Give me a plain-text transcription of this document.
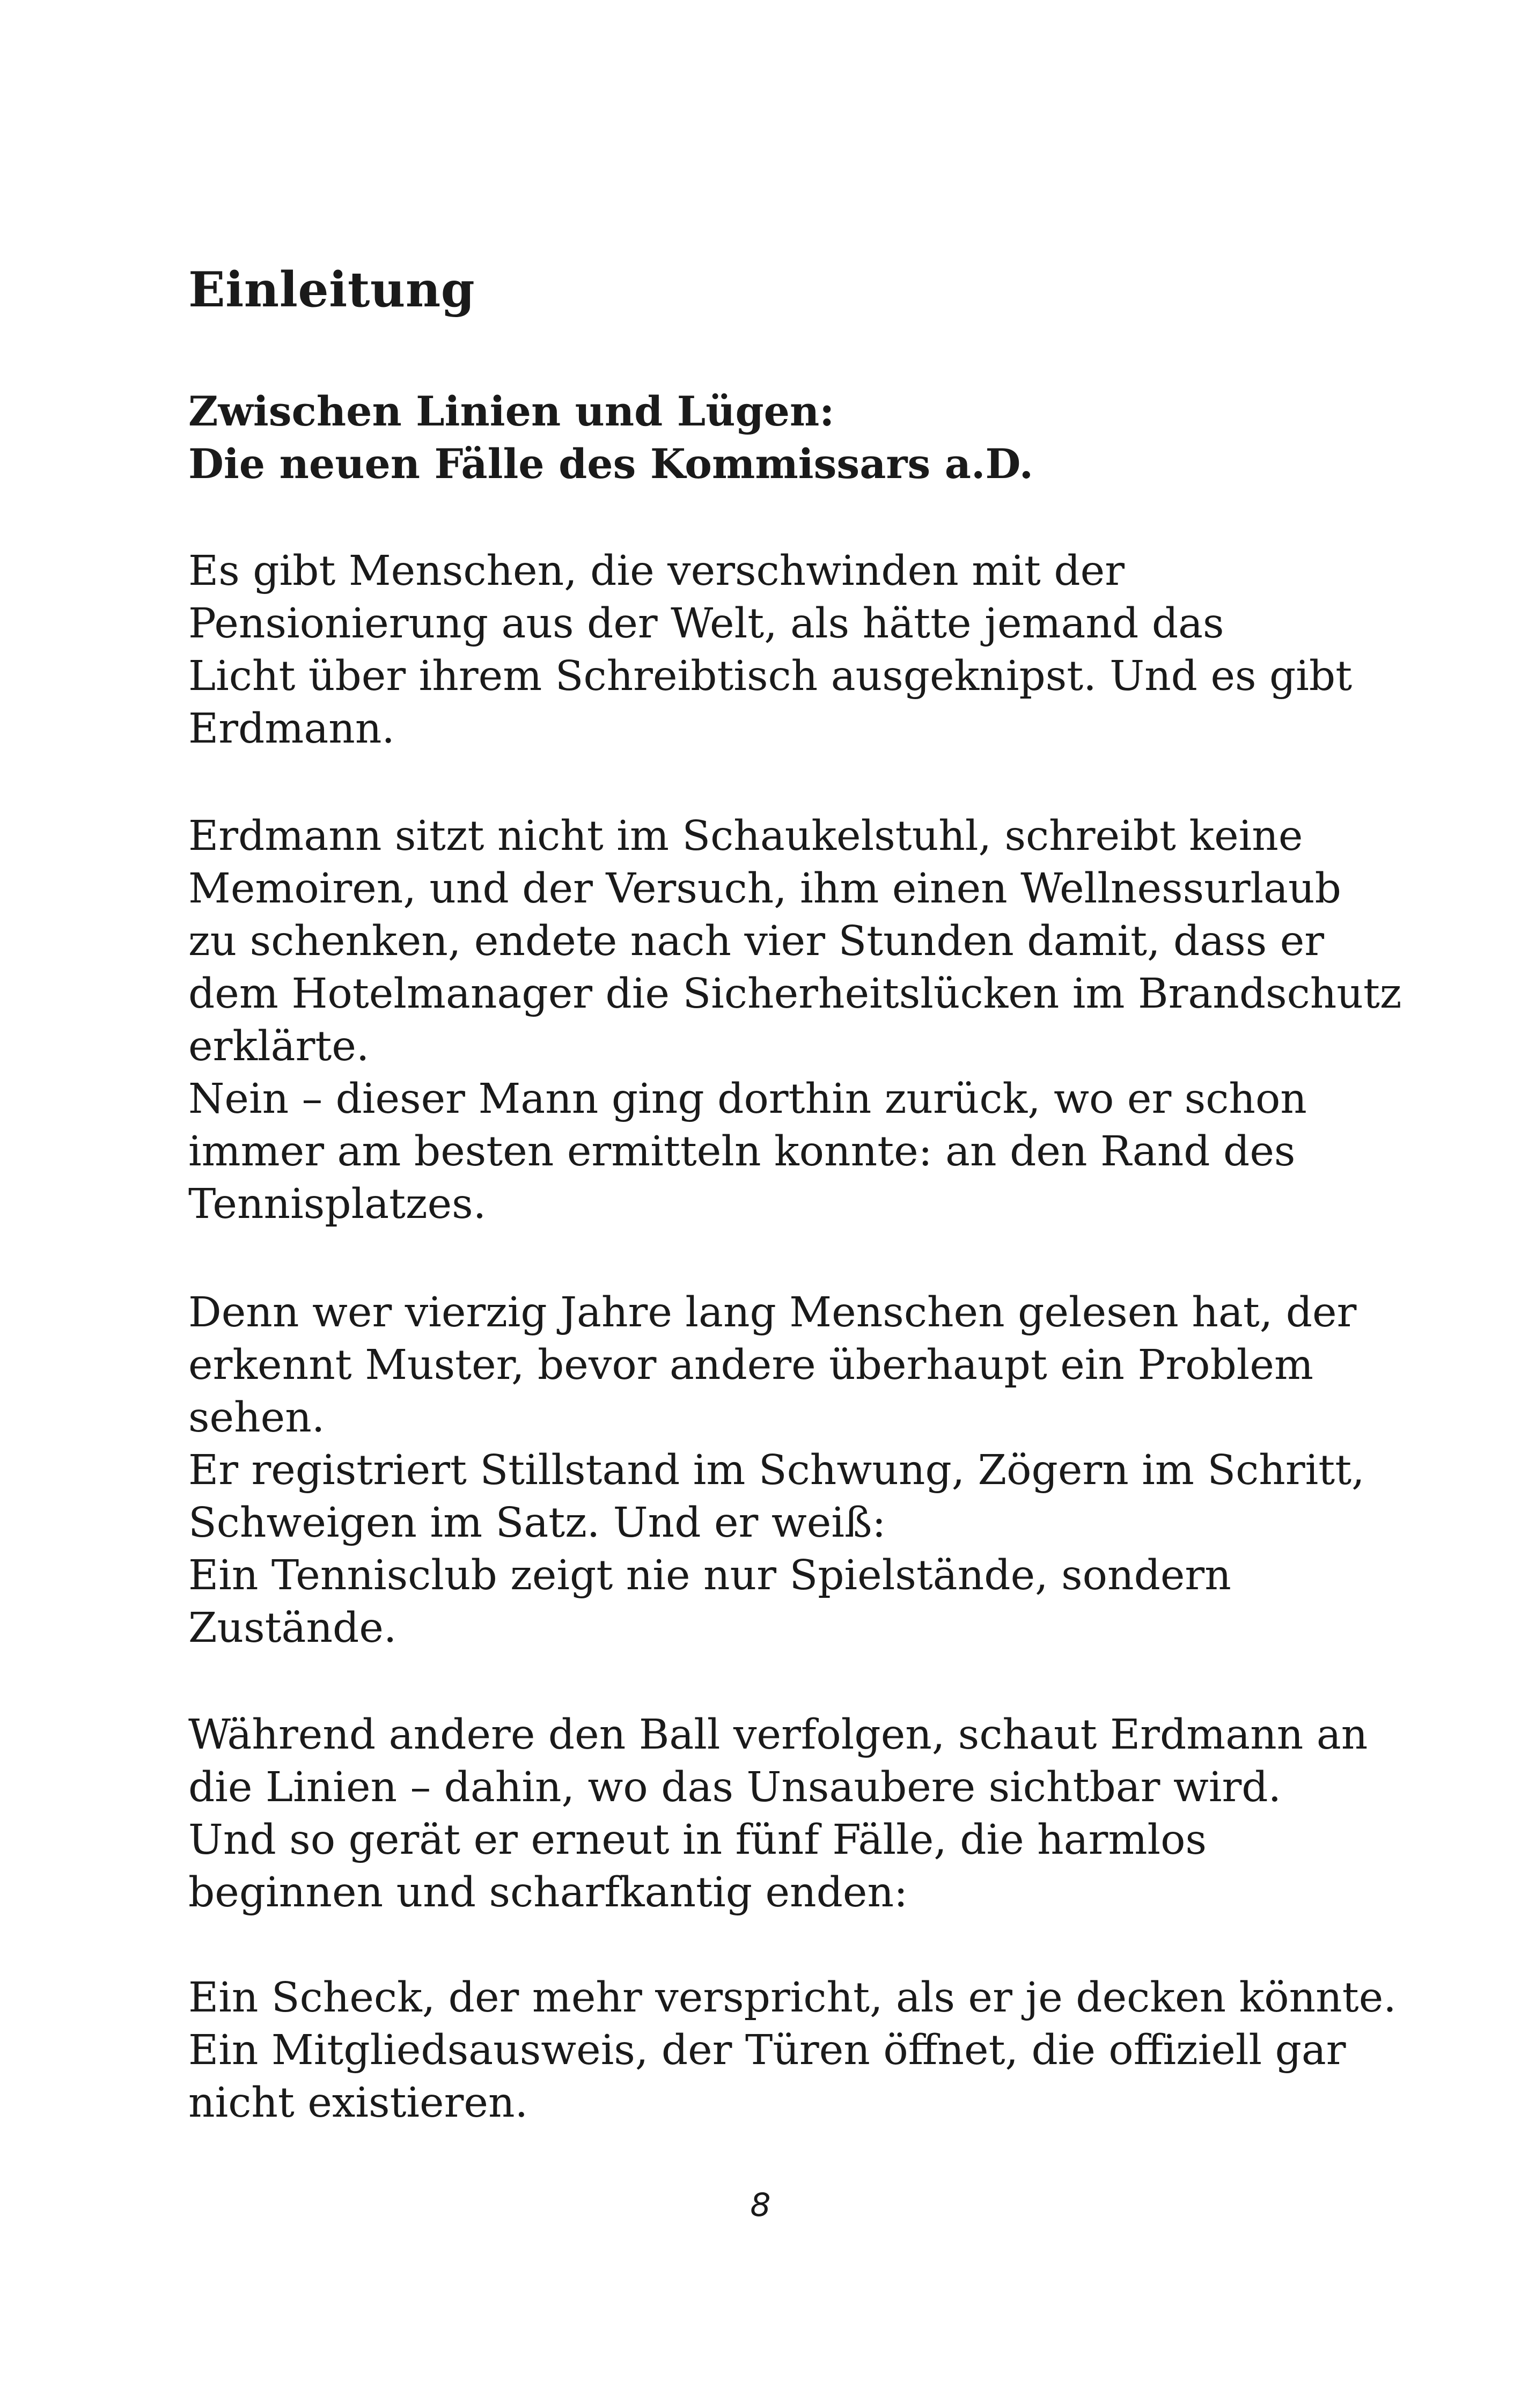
Einleitung
Zwischen Linien und Lügen:
Die neuen Fälle des Kommissars a.D.

Es gibt Menschen, die verschwinden mit der
Pensionierung aus der Welt, als hätte jemand das
Licht über ihrem Schreibtisch ausgeknipst. Und es gibt
Erdmann.

Erdmann sitzt nicht im Schaukelstuhl, schreibt keine
Memoiren, und der Versuch, ihm einen Wellnessurlaub
zu schenken, endete nach vier Stunden damit, dass er
dem Hotelmanager die Sicherheitslücken im Brandschutz
erklärte.
Nein – dieser Mann ging dorthin zurück, wo er schon
immer am besten ermitteln konnte: an den Rand des
Tennisplatzes.

Denn wer vierzig Jahre lang Menschen gelesen hat, der
erkennt Muster, bevor andere überhaupt ein Problem
sehen.
Er registriert Stillstand im Schwung, Zögern im Schritt,
Schweigen im Satz. Und er weiß:
Ein Tennisclub zeigt nie nur Spielstände, sondern
Zustände.

Während andere den Ball verfolgen, schaut Erdmann an
die Linien – dahin, wo das Unsaubere sichtbar wird.
Und so gerät er erneut in fünf Fälle, die harmlos
beginnen und scharfkantig enden:

Ein Scheck, der mehr verspricht, als er je decken könnte.
Ein Mitgliedsausweis, der Türen öffnet, die offiziell gar
nicht existieren.

8
